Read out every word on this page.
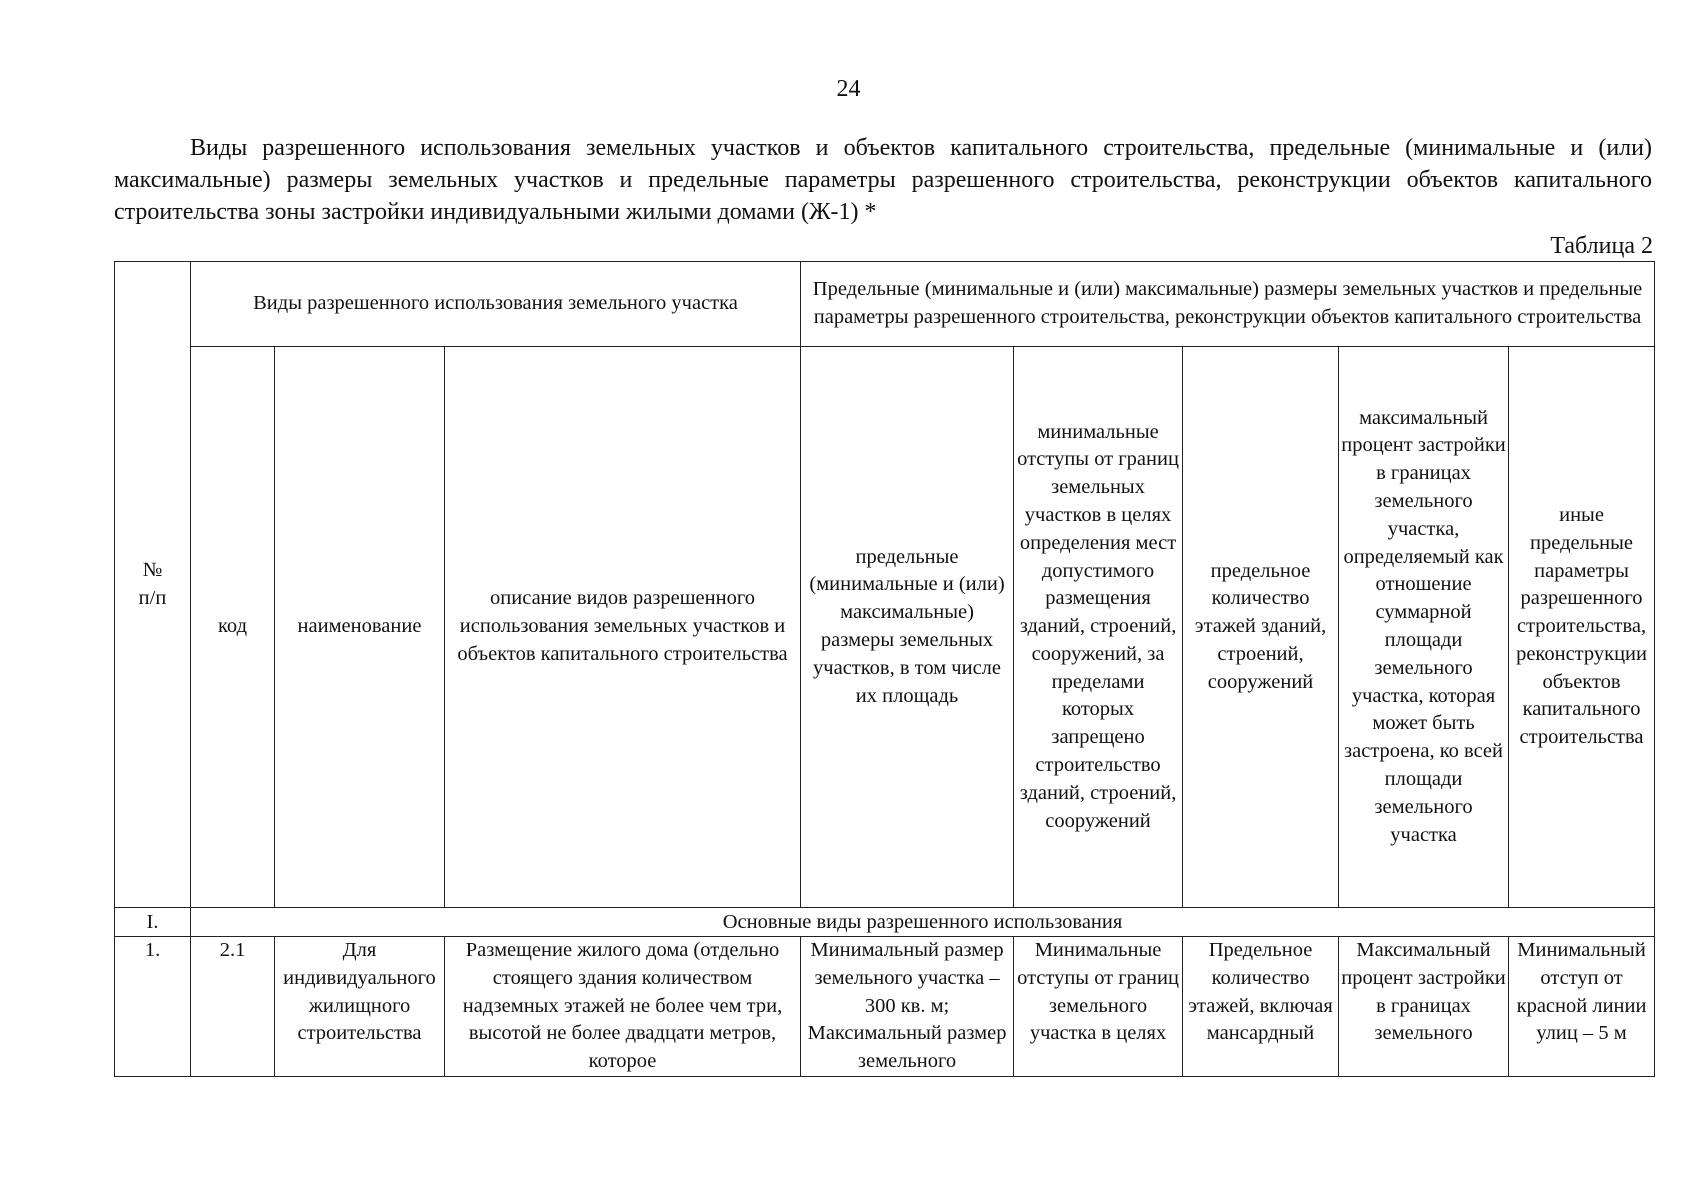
24
Виды разрешенного использования земельных участков и объектов капитального строительства, предельные (минимальные и (или) максимальные) размеры земельных участков и предельные параметры разрешенного строительства, реконструкции объектов капитального строительства зоны застройки индивидуальными жилыми домами (Ж-1) *
Таблица 2
№
п/п	Виды разрешенного использования земельного участка			Предельные (минимальные и (или) максимальные) размеры земельных участков и предельные параметры разрешенного строительства, реконструкции объектов капитального строительства				
	код	наименование	описание видов разрешенного использования земельных участков и объектов капитального строительства	предельные (минимальные и (или) максимальные) размеры земельных участков, в том числе их площадь	минимальные отступы от границ земельных участков в целях определения мест допустимого размещения зданий, строений, сооружений, за пределами которых запрещено строительство зданий, строений, сооружений	предельное количество этажей зданий, строений, сооружений	максимальный процент застройки в границах земельного участка, определяемый как отношение суммарной площади земельного участка, которая может быть застроена, ко всей площади земельного участка	иные предельные параметры разрешенного строительства, реконструкции объектов капитального строительства
I.	Основные виды разрешенного использования							

1.	2.1	Для индивидуального жилищного строительства	Размещение жилого дома (отдельно стоящего здания количеством надземных этажей не более чем три, высотой не более двадцати метров, которое	Минимальный размер земельного участка – 300 кв. м; Максимальный размер земельного	Минимальные отступы от границ земельного участка в целях	Предельное количество этажей, включая мансардный	Максимальный процент застройки в границах земельного	Минимальный отступ от красной линии улиц – 5 м
